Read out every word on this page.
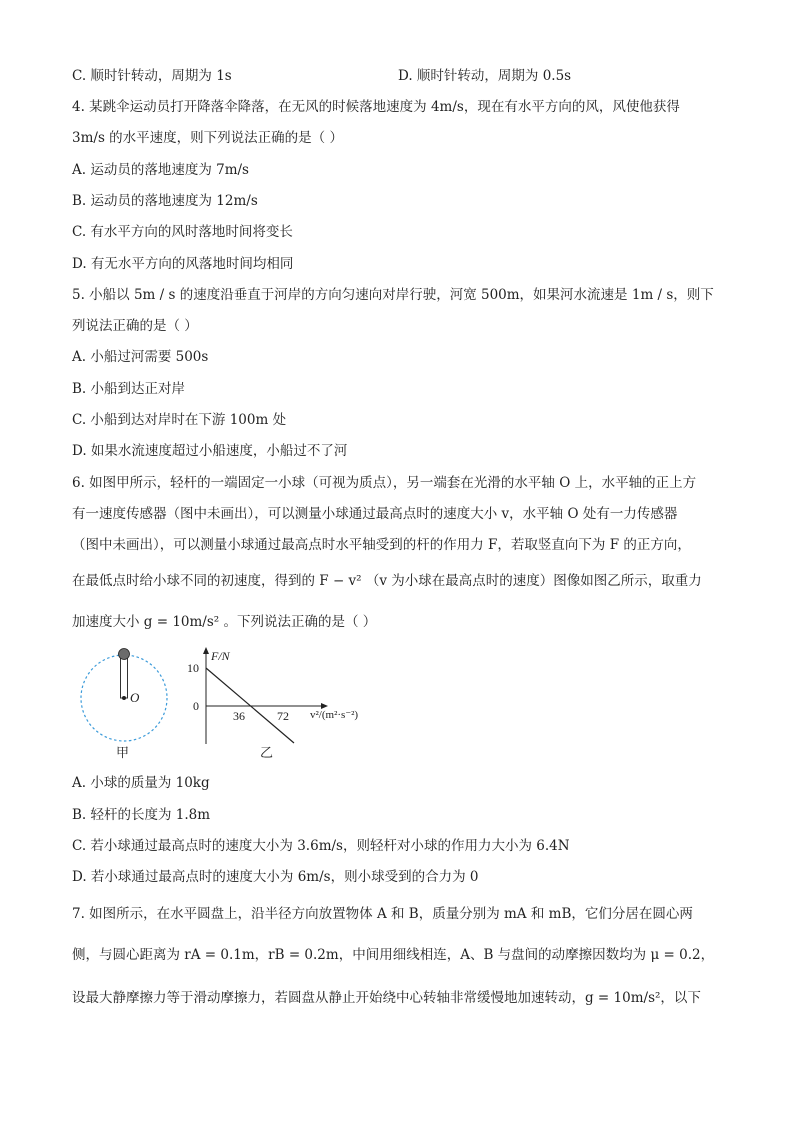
C. 顺时针转动，周期为 1s	D. 顺时针转动，周期为 0.5s
4. 某跳伞运动员打开降落伞降落，在无风的时候落地速度为 4m/s，现在有水平方向的风，风使他获得
3m/s 的水平速度，则下列说法正确的是（ ）
A. 运动员的落地速度为 7m/s
B. 运动员的落地速度为 12m/s
C. 有水平方向的风时落地时间将变长
D. 有无水平方向的风落地时间均相同
5. 小船以 5m / s 的速度沿垂直于河岸的方向匀速向对岸行驶，河宽 500m，如果河水流速是 1m / s，则下
列说法正确的是（ ）
A. 小船过河需要 500s
B. 小船到达正对岸
C. 小船到达对岸时在下游 100m 处
D. 如果水流速度超过小船速度，小船过不了河
6. 如图甲所示，轻杆的一端固定一小球（可视为质点），另一端套在光滑的水平轴 O 上，水平轴的正上方
有一速度传感器（图中未画出），可以测量小球通过最高点时的速度大小 v，水平轴 O 处有一力传感器
（图中未画出），可以测量小球通过最高点时水平轴受到的杆的作用力 F，若取竖直向下为 F 的正方向，
在最低点时给小球不同的初速度，得到的 F − v² （v 为小球在最高点时的速度）图像如图乙所示，取重力
加速度大小 g = 10m/s² 。下列说法正确的是（ ）
O
甲
F/N
10
0
36	72 v²/(m²·s⁻²)
乙
A. 小球的质量为 10kg
B. 轻杆的长度为 1.8m
C. 若小球通过最高点时的速度大小为 3.6m/s，则轻杆对小球的作用力大小为 6.4N
D. 若小球通过最高点时的速度大小为 6m/s，则小球受到的合力为 0
7. 如图所示，在水平圆盘上，沿半径方向放置物体 A 和 B，质量分别为 mA 和 mB，它们分居在圆心两
侧，与圆心距离为 rA = 0.1m，rB = 0.2m，中间用细线相连，A、B 与盘间的动摩擦因数均为 μ = 0.2，
设最大静摩擦力等于滑动摩擦力，若圆盘从静止开始绕中心转轴非常缓慢地加速转动，g = 10m/s²，以下
